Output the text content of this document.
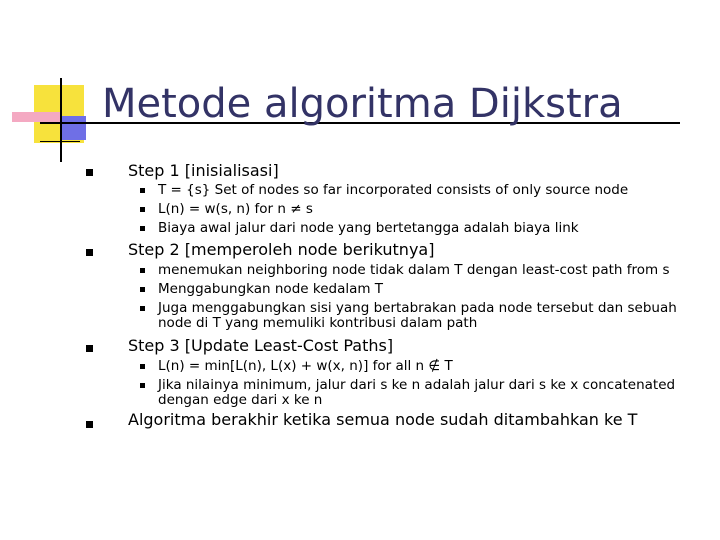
Metode algoritma Dijkstra
Step 1 [inisialisasi]
T = {s} Set of nodes so far incorporated consists of only source node
L(n) = w(s, n) for n ≠ s
Biaya awal jalur dari node yang bertetangga adalah biaya link
Step 2 [memperoleh node berikutnya]
menemukan neighboring node tidak dalam T dengan least-cost path from s
Menggabungkan node kedalam T
Juga menggabungkan sisi yang bertabrakan pada node tersebut dan sebuah node di T yang memuliki kontribusi dalam path
Step 3 [Update Least-Cost Paths]
L(n) = min[L(n), L(x) + w(x, n)] for all n ∉ T
Jika nilainya minimum, jalur dari s ke n adalah jalur dari s ke x concatenated dengan edge dari x ke n
Algoritma berakhir ketika semua node sudah ditambahkan ke T
